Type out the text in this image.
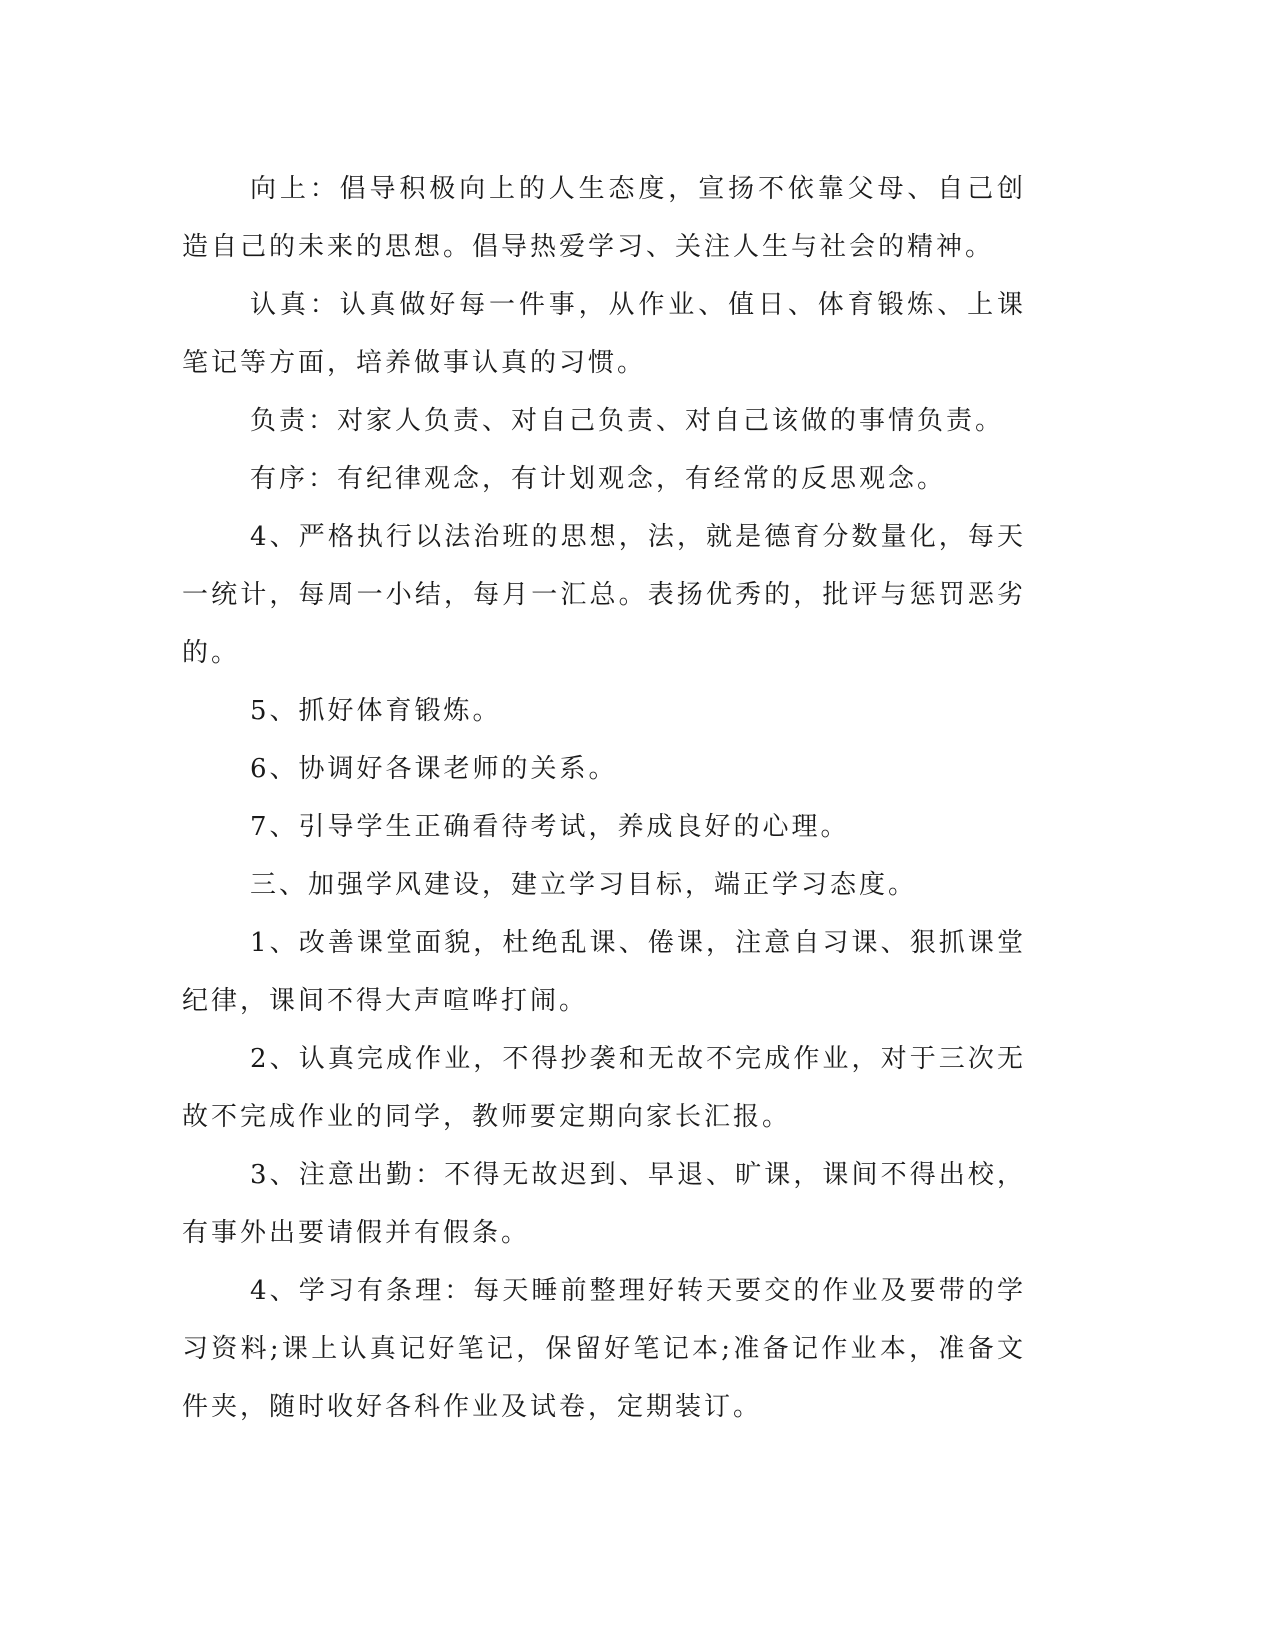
向上：倡导积极向上的人生态度，宣扬不依靠父母、自己创造自己的未来的思想。倡导热爱学习、关注人生与社会的精神。

认真：认真做好每一件事，从作业、值日、体育锻炼、上课笔记等方面，培养做事认真的习惯。

负责：对家人负责、对自己负责、对自己该做的事情负责。

有序：有纪律观念，有计划观念，有经常的反思观念。

4、严格执行以法治班的思想，法，就是德育分数量化，每天一统计，每周一小结，每月一汇总。表扬优秀的，批评与惩罚恶劣的。

5、抓好体育锻炼。

6、协调好各课老师的关系。

7、引导学生正确看待考试，养成良好的心理。

三、加强学风建设，建立学习目标，端正学习态度。

1、改善课堂面貌，杜绝乱课、倦课，注意自习课、狠抓课堂纪律，课间不得大声喧哗打闹。

2、认真完成作业，不得抄袭和无故不完成作业，对于三次无故不完成作业的同学，教师要定期向家长汇报。

3、注意出勤：不得无故迟到、早退、旷课，课间不得出校，有事外出要请假并有假条。

4、学习有条理：每天睡前整理好转天要交的作业及要带的学习资料;课上认真记好笔记，保留好笔记本;准备记作业本，准备文件夹，随时收好各科作业及试卷，定期装订。
